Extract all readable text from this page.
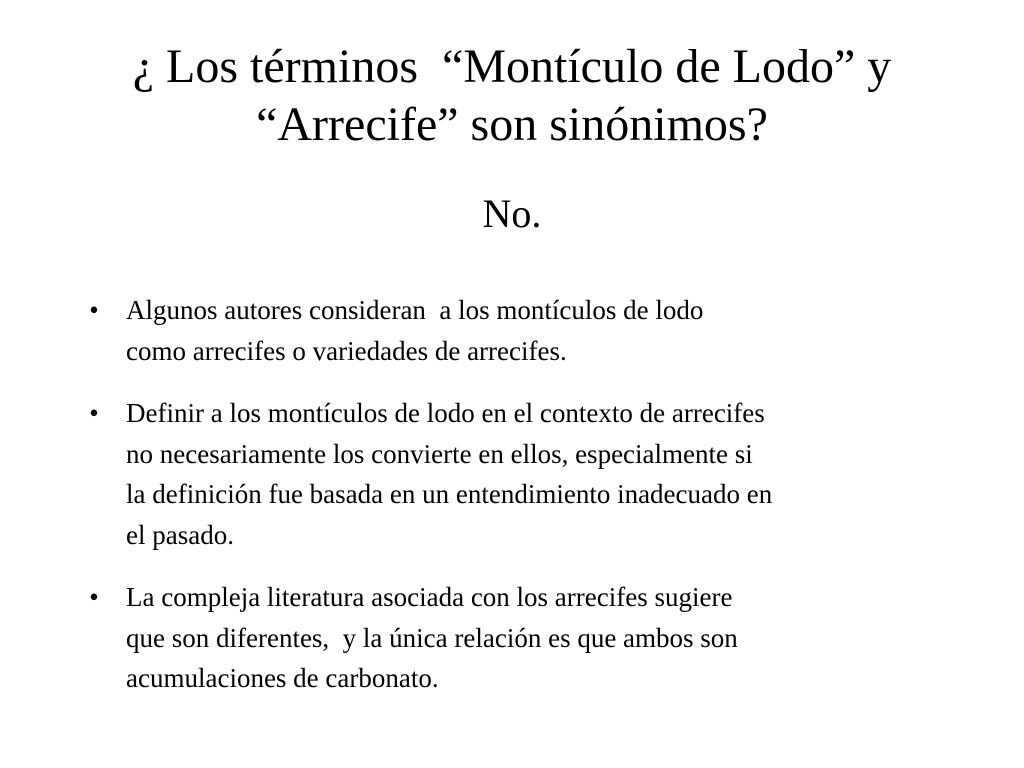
¿ Los términos  “Montículo de Lodo” y
“Arrecife” son sinónimos?

No.

• Algunos autores consideran  a los montículos de lodo
como arrecifes o variedades de arrecifes.
• Definir a los montículos de lodo en el contexto de arrecifes
no necesariamente los convierte en ellos, especialmente si
la definición fue basada en un entendimiento inadecuado en
el pasado.
• La compleja literatura asociada con los arrecifes sugiere
que son diferentes,  y la única relación es que ambos son
acumulaciones de carbonato.
